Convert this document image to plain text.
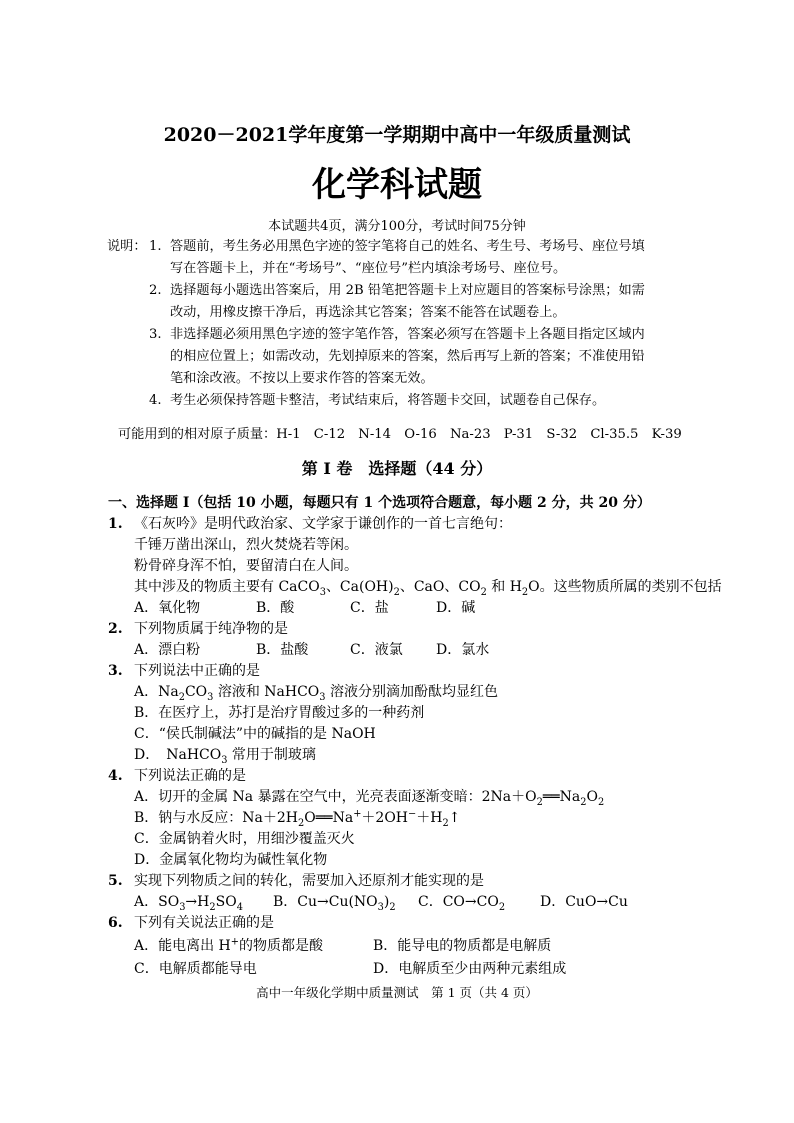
2020－2021学年度第一学期期中高中一年级质量测试
化学科试题
本试题共4页，满分100分，考试时间75分钟
说明： 1. 答题前，考生务必用黑色字迹的签字笔将自己的姓名、考生号、考场号、座位号填
写在答题卡上，并在“考场号”、“座位号”栏内填涂考场号、座位号。
2. 选择题每小题选出答案后，用 2B 铅笔把答题卡上对应题目的答案标号涂黑；如需
改动，用橡皮擦干净后，再选涂其它答案；答案不能答在试题卷上。
3. 非选择题必须用黑色字迹的签字笔作答，答案必须写在答题卡上各题目指定区域内
的相应位置上；如需改动，先划掉原来的答案，然后再写上新的答案；不准使用铅
笔和涂改液。不按以上要求作答的答案无效。
4. 考生必须保持答题卡整洁，考试结束后，将答题卡交回，试题卷自己保存。
可能用到的相对原子质量：H-1　C-12　N-14　O-16　Na-23　P-31　S-32　Cl-35.5　K-39
第 I 卷　选择题（44 分）
一、选择题 I（包括 10 小题，每题只有 1 个选项符合题意，每小题 2 分，共 20 分）
1. 《石灰吟》是明代政治家、文学家于谦创作的一首七言绝句：
千锤万凿出深山，烈火焚烧若等闲。
粉骨碎身浑不怕，要留清白在人间。
其中涉及的物质主要有 CaCO$_3$、$Ca(OH)_2$、CaO、$CO_2$ 和 $H_2O$。这些物质所属的类别不包括
A．氧化物	B．酸	C．盐	D．碱
2. 下列物质属于纯净物的是
A．漂白粉	B．盐酸	C．液氯 D．氯水
3. 下列说法中正确的是
A．$Na_2CO_3$ 溶液和 NaHCO$_3$ 溶液分别滴加酚酞均显红色
B．在医疗上，苏打是治疗胃酸过多的一种药剂
C．“侯氏制碱法”中的碱指的是 NaOH
D．　NaHCO$_3$ 常用于制玻璃
4. 下列说法正确的是
A．切开的金属 Na 暴露在空气中，光亮表面逐渐变暗：$2Na+O_2══Na_2O_2$
B．钠与水反应：$Na+2H_2O══Na^++2OH^-+H_2↑$
C．金属钠着火时，用细沙覆盖灭火
D．金属氧化物均为碱性氧化物
5. 实现下列物质之间的转化，需要加入还原剂才能实现的是
A．$SO_3\to H_2SO_4$ B．$Cu\to Cu(NO_3)_2$ C．$CO\to CO_2$ D．CuO→Cu
6. 下列有关说法正确的是
A．能电离出 H+的物质都是酸	B．能导电的物质都是电解质
C．电解质都能导电	D．电解质至少由两种元素组成
高中一年级化学期中质量测试　第 1 页（共 4 页）
